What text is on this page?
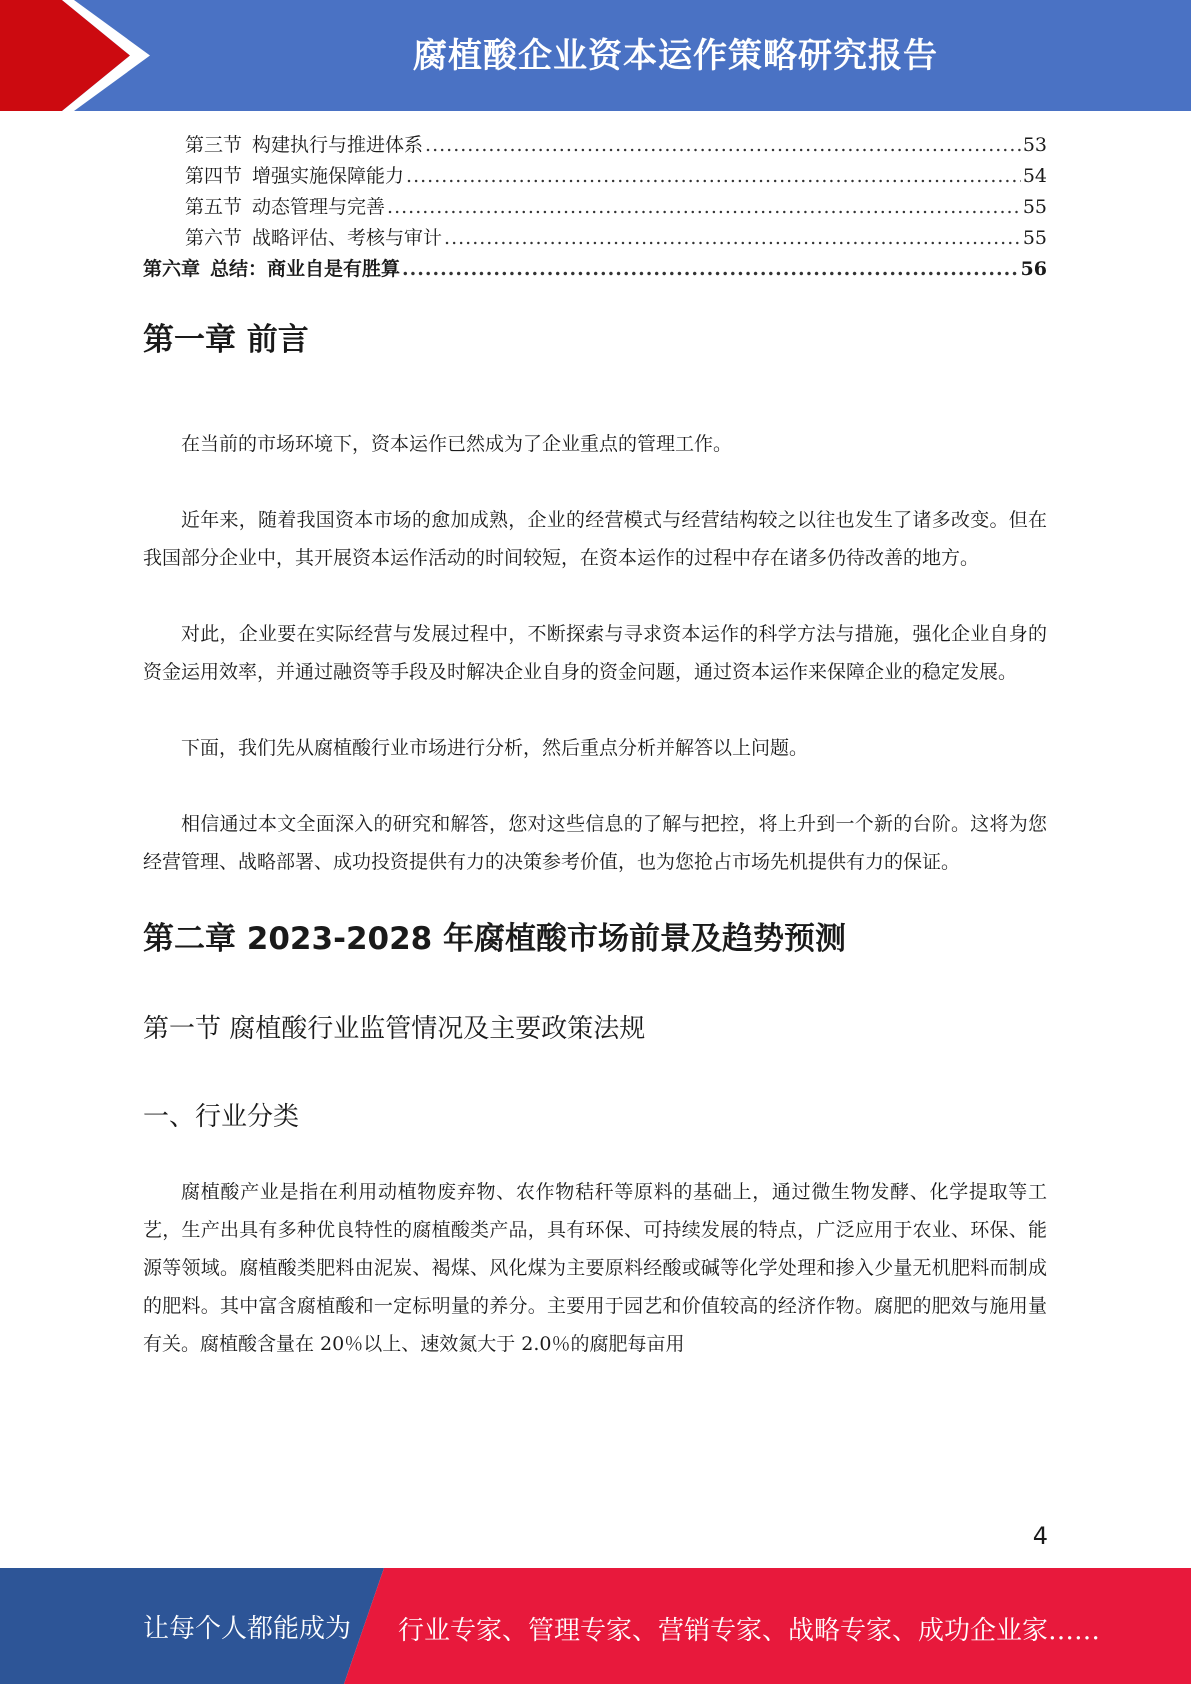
腐植酸企业资本运作策略研究报告
第三节 构建执行与推进体系 .....	53
第四节 增强实施保障能力 .....	54
第五节 动态管理与完善 .....	55
第六节 战略评估、考核与审计 .....	55
第六章 总结：商业自是有胜算 .....	56
第一章 前言

在当前的市场环境下，资本运作已然成为了企业重点的管理工作。

近年来，随着我国资本市场的愈加成熟，企业的经营模式与经营结构较之以往也发生了诸多改变。但在我国部分企业中，其开展资本运作活动的时间较短，在资本运作的过程中存在诸多仍待改善的地方。

对此，企业要在实际经营与发展过程中，不断探索与寻求资本运作的科学方法与措施，强化企业自身的资金运用效率，并通过融资等手段及时解决企业自身的资金问题，通过资本运作来保障企业的稳定发展。

下面，我们先从腐植酸行业市场进行分析，然后重点分析并解答以上问题。

相信通过本文全面深入的研究和解答，您对这些信息的了解与把控，将上升到一个新的台阶。这将为您经营管理、战略部署、成功投资提供有力的决策参考价值，也为您抢占市场先机提供有力的保证。

第二章 2023-2028 年腐植酸市场前景及趋势预测
第一节 腐植酸行业监管情况及主要政策法规
一、行业分类

腐植酸产业是指在利用动植物废弃物、农作物秸秆等原料的基础上，通过微生物发酵、化学提取等工艺，生产出具有多种优良特性的腐植酸类产品，具有环保、可持续发展的特点，广泛应用于农业、环保、能源等领域。腐植酸类肥料由泥炭、褐煤、风化煤为主要原料经酸或碱等化学处理和掺入少量无机肥料而制成的肥料。其中富含腐植酸和一定标明量的养分。主要用于园艺和价值较高的经济作物。腐肥的肥效与施用量有关。腐植酸含量在 20％以上、速效氮大于 2.0％的腐肥每亩用

4
让每个人都能成为 行业专家、管理专家、营销专家、战略专家、成功企业家……
